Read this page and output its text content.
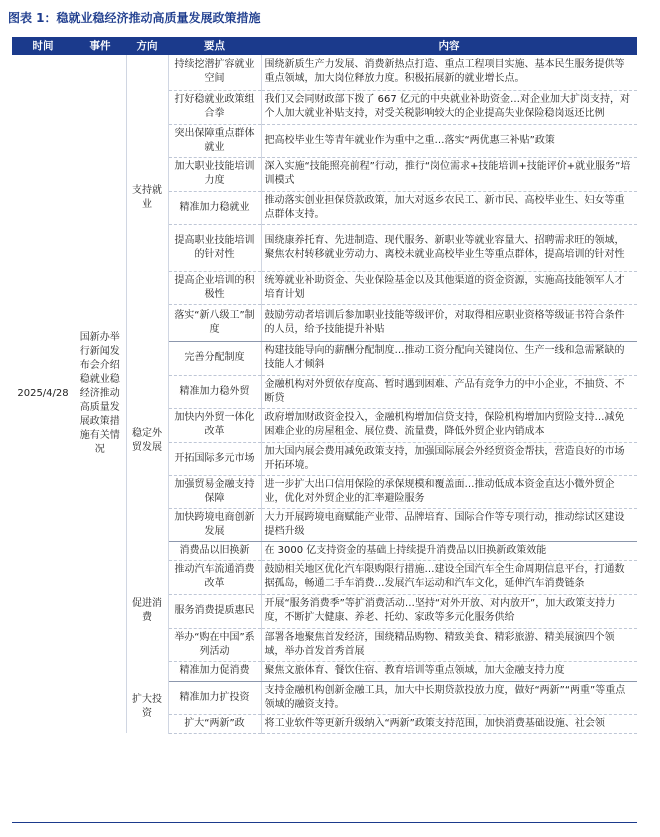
图表 1：稳就业稳经济推动高质量发展政策措施
时间	事件	方向	要点	内容
2025/4/28	国新办举行新闻发布会介绍稳就业稳经济推动高质量发展政策措施有关情况	支持就业	持续挖潜扩容就业空间	围绕新质生产力发展、消费新热点打造、重点工程项目实施、基本民生服务提供等重点领域，加大岗位释放力度。积极拓展新的就业增长点。
			打好稳就业政策组合拳	我们又会同财政部下拨了 667 亿元的中央就业补助资金…对企业加大扩岗支持，对个人加大就业补贴支持，对受关税影响较大的企业提高失业保险稳岗返还比例
			突出保障重点群体就业	把高校毕业生等青年就业作为重中之重…落实“两优惠三补贴”政策
			加大职业技能培训力度	深入实施“技能照亮前程”行动，推行“岗位需求+技能培训+技能评价+就业服务”培训模式
			精准加力稳就业	推动落实创业担保贷款政策，加大对返乡农民工、新市民、高校毕业生、妇女等重点群体支持。
			提高职业技能培训的针对性	围绕康养托育、先进制造、现代服务、新职业等就业容量大、招聘需求旺的领域，聚焦农村转移就业劳动力、离校未就业高校毕业生等重点群体，提高培训的针对性
			提高企业培训的积极性	统筹就业补助资金、失业保险基金以及其他渠道的资金资源，实施高技能领军人才培育计划
			落实“新八级工”制度	鼓励劳动者培训后参加职业技能等级评价，对取得相应职业资格等级证书符合条件的人员，给予技能提升补贴
		稳定外贸发展	完善分配制度	构建技能导向的薪酬分配制度…推动工资分配向关键岗位、生产一线和急需紧缺的技能人才倾斜
			精准加力稳外贸	金融机构对外贸依存度高、暂时遇到困难、产品有竞争力的中小企业，不抽贷、不断贷
			加快内外贸一体化改革	政府增加财政资金投入，金融机构增加信贷支持，保险机构增加内贸险支持…减免困难企业的房屋租金、展位费、流量费，降低外贸企业内销成本
			开拓国际多元市场	加大国内展会费用减免政策支持，加强国际展会外经贸资金帮扶，营造良好的市场开拓环境。
			加强贸易金融支持保障	进一步扩大出口信用保险的承保规模和覆盖面…推动低成本资金直达小微外贸企业，优化对外贸企业的汇率避险服务
			加快跨境电商创新发展	大力开展跨境电商赋能产业带、品牌培育、国际合作等专项行动，推动综试区建设提档升级
		促进消费	消费品以旧换新	在 3000 亿支持资金的基础上持续提升消费品以旧换新政策效能
			推动汽车流通消费改革	鼓励相关地区优化汽车限购限行措施…建设全国汽车全生命周期信息平台，打通数据孤岛，畅通二手车消费…发展汽车运动和汽车文化，延伸汽车消费链条
			服务消费提质惠民	开展“服务消费季”等扩消费活动…坚持“对外开放、对内放开”，加大政策支持力度，不断扩大健康、养老、托幼、家政等多元化服务供给
			举办“购在中国”系列活动	部署各地聚焦首发经济，围绕精品购物、精致美食、精彩旅游、精美展演四个领域，举办首发首秀首展
			精准加力促消费	聚焦文旅体育、餐饮住宿、教育培训等重点领域，加大金融支持力度
		扩大投资	精准加力扩投资	支持金融机构创新金融工具，加大中长期贷款投放力度，做好“两新”“两重”等重点领域的融资支持。
			扩大“两新”政	将工业软件等更新升级纳入“两新”政策支持范围，加快消费基础设施、社会领
